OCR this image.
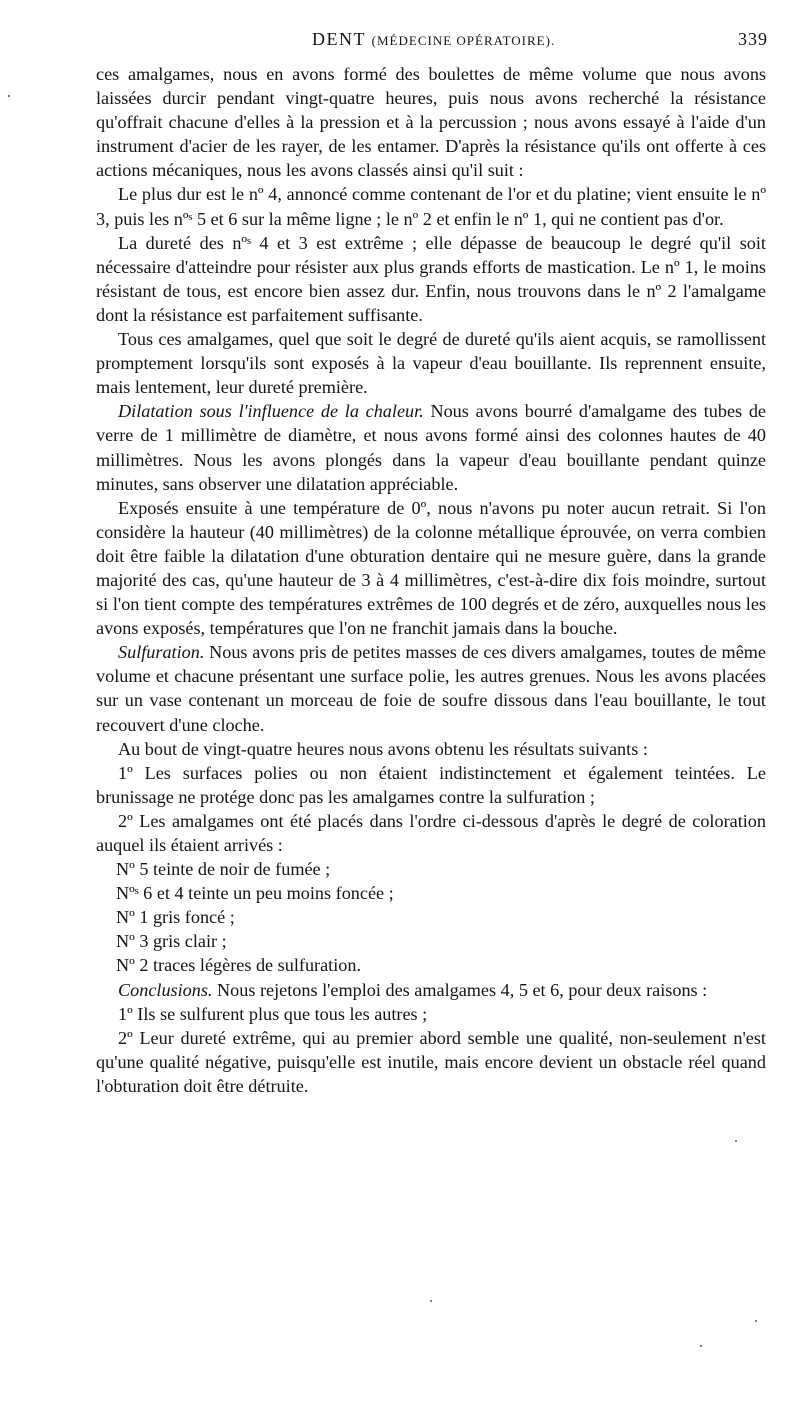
DENT (MÉDECINE OPÉRATOIRE).	339

ces amalgames, nous en avons formé des boulettes de même volume que nous avons laissées durcir pendant vingt-quatre heures, puis nous avons recherché la résistance qu'offrait chacune d'elles à la pression et à la percussion ; nous avons essayé à l'aide d'un instrument d'acier de les rayer, de les entamer. D'après la résistance qu'ils ont offerte à ces actions mécaniques, nous les avons classés ainsi qu'il suit :

Le plus dur est le nº 4, annoncé comme contenant de l'or et du platine; vient ensuite le nº 3, puis les nºˢ 5 et 6 sur la même ligne ; le nº 2 et enfin le nº 1, qui ne contient pas d'or.

La dureté des nºˢ 4 et 3 est extrême ; elle dépasse de beaucoup le degré qu'il soit nécessaire d'atteindre pour résister aux plus grands efforts de mastication. Le nº 1, le moins résistant de tous, est encore bien assez dur. Enfin, nous trouvons dans le nº 2 l'amalgame dont la résistance est parfaitement suffisante.

Tous ces amalgames, quel que soit le degré de dureté qu'ils aient acquis, se ramollissent promptement lorsqu'ils sont exposés à la vapeur d'eau bouillante. Ils reprennent ensuite, mais lentement, leur dureté première.

Dilatation sous l'influence de la chaleur. Nous avons bourré d'amalgame des tubes de verre de 1 millimètre de diamètre, et nous avons formé ainsi des colonnes hautes de 40 millimètres. Nous les avons plongés dans la vapeur d'eau bouillante pendant quinze minutes, sans observer une dilatation appréciable.

Exposés ensuite à une température de 0º, nous n'avons pu noter aucun retrait. Si l'on considère la hauteur (40 millimètres) de la colonne métallique éprouvée, on verra combien doit être faible la dilatation d'une obturation dentaire qui ne mesure guère, dans la grande majorité des cas, qu'une hauteur de 3 à 4 millimètres, c'est-à-dire dix fois moindre, surtout si l'on tient compte des températures extrêmes de 100 degrés et de zéro, auxquelles nous les avons exposés, températures que l'on ne franchit jamais dans la bouche.

Sulfuration. Nous avons pris de petites masses de ces divers amalgames, toutes de même volume et chacune présentant une surface polie, les autres grenues. Nous les avons placées sur un vase contenant un morceau de foie de soufre dissous dans l'eau bouillante, le tout recouvert d'une cloche.

Au bout de vingt-quatre heures nous avons obtenu les résultats suivants :

1º Les surfaces polies ou non étaient indistinctement et également teintées. Le brunissage ne protége donc pas les amalgames contre la sulfuration ;

2º Les amalgames ont été placés dans l'ordre ci-dessous d'après le degré de coloration auquel ils étaient arrivés :

Nº 5 teinte de noir de fumée ;

Nºˢ 6 et 4 teinte un peu moins foncée ;

Nº 1 gris foncé ;

Nº 3 gris clair ;

Nº 2 traces légères de sulfuration.

Conclusions. Nous rejetons l'emploi des amalgames 4, 5 et 6, pour deux raisons :

1º Ils se sulfurent plus que tous les autres ;

2º Leur dureté extrême, qui au premier abord semble une qualité, non-seulement n'est qu'une qualité négative, puisqu'elle est inutile, mais encore devient un obstacle réel quand l'obturation doit être détruite.
